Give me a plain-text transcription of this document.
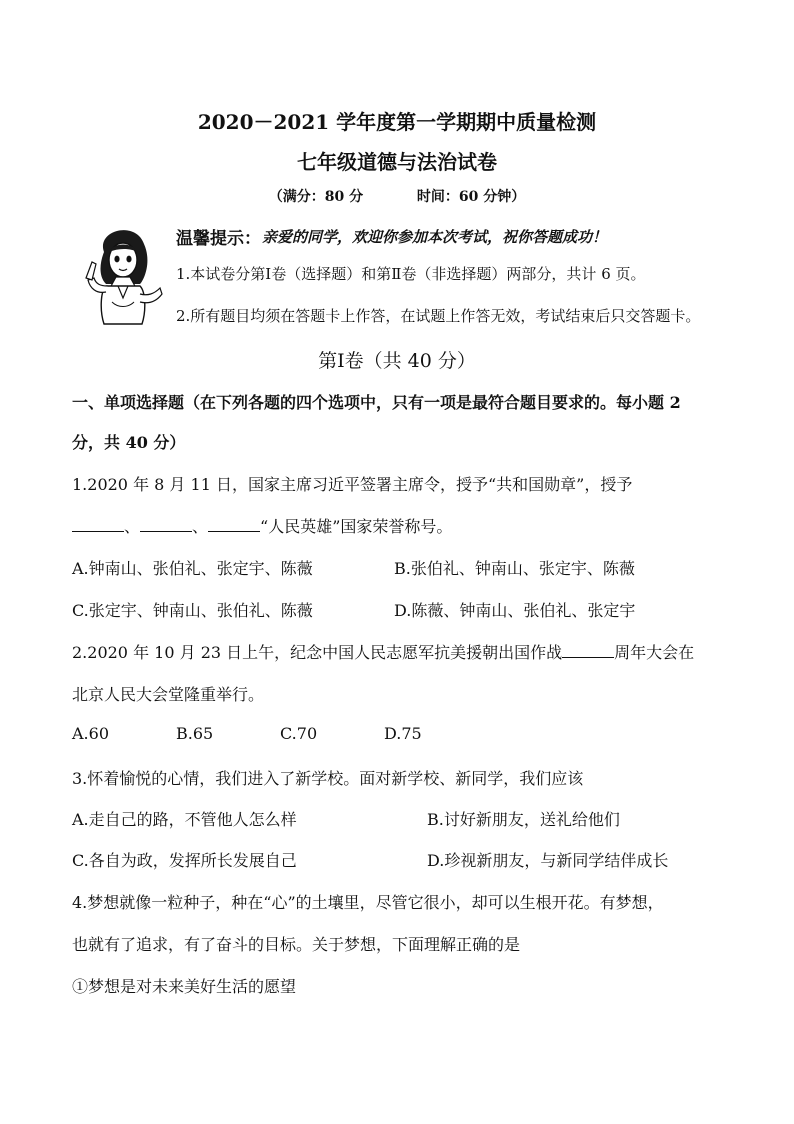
2020－2021 学年度第一学期期中质量检测
七年级道德与法治试卷
（满分：80 分	时间：60 分钟）
温馨提示： 亲爱的同学，欢迎你参加本次考试，祝你答题成功！
1.本试卷分第Ⅰ卷（选择题）和第Ⅱ卷（非选择题）两部分，共计 6 页。
2.所有题目均须在答题卡上作答，在试题上作答无效，考试结束后只交答题卡。
第Ⅰ卷（共 40 分）
一、单项选择题（在下列各题的四个选项中，只有一项是最符合题目要求的。每小题 2
分，共 40 分）
1.2020 年 8 月 11 日，国家主席习近平签署主席令，授予“共和国勋章”，授予
、	、	“人民英雄”国家荣誉称号。
A.钟南山、张伯礼、张定宇、陈薇	B.张伯礼、钟南山、张定宇、陈薇
C.张定宇、钟南山、张伯礼、陈薇	D.陈薇、钟南山、张伯礼、张定宇
2.2020 年 10 月 23 日上午，纪念中国人民志愿军抗美援朝出国作战	周年大会在
北京人民大会堂隆重举行。
A.60	B.65	C.70	D.75
3.怀着愉悦的心情，我们进入了新学校。面对新学校、新同学，我们应该
A.走自己的路，不管他人怎么样	B.讨好新朋友，送礼给他们
C.各自为政，发挥所长发展自己	D.珍视新朋友，与新同学结伴成长
4.梦想就像一粒种子，种在“心”的土壤里，尽管它很小，却可以生根开花。有梦想，
也就有了追求，有了奋斗的目标。关于梦想，下面理解正确的是
①梦想是对未来美好生活的愿望
